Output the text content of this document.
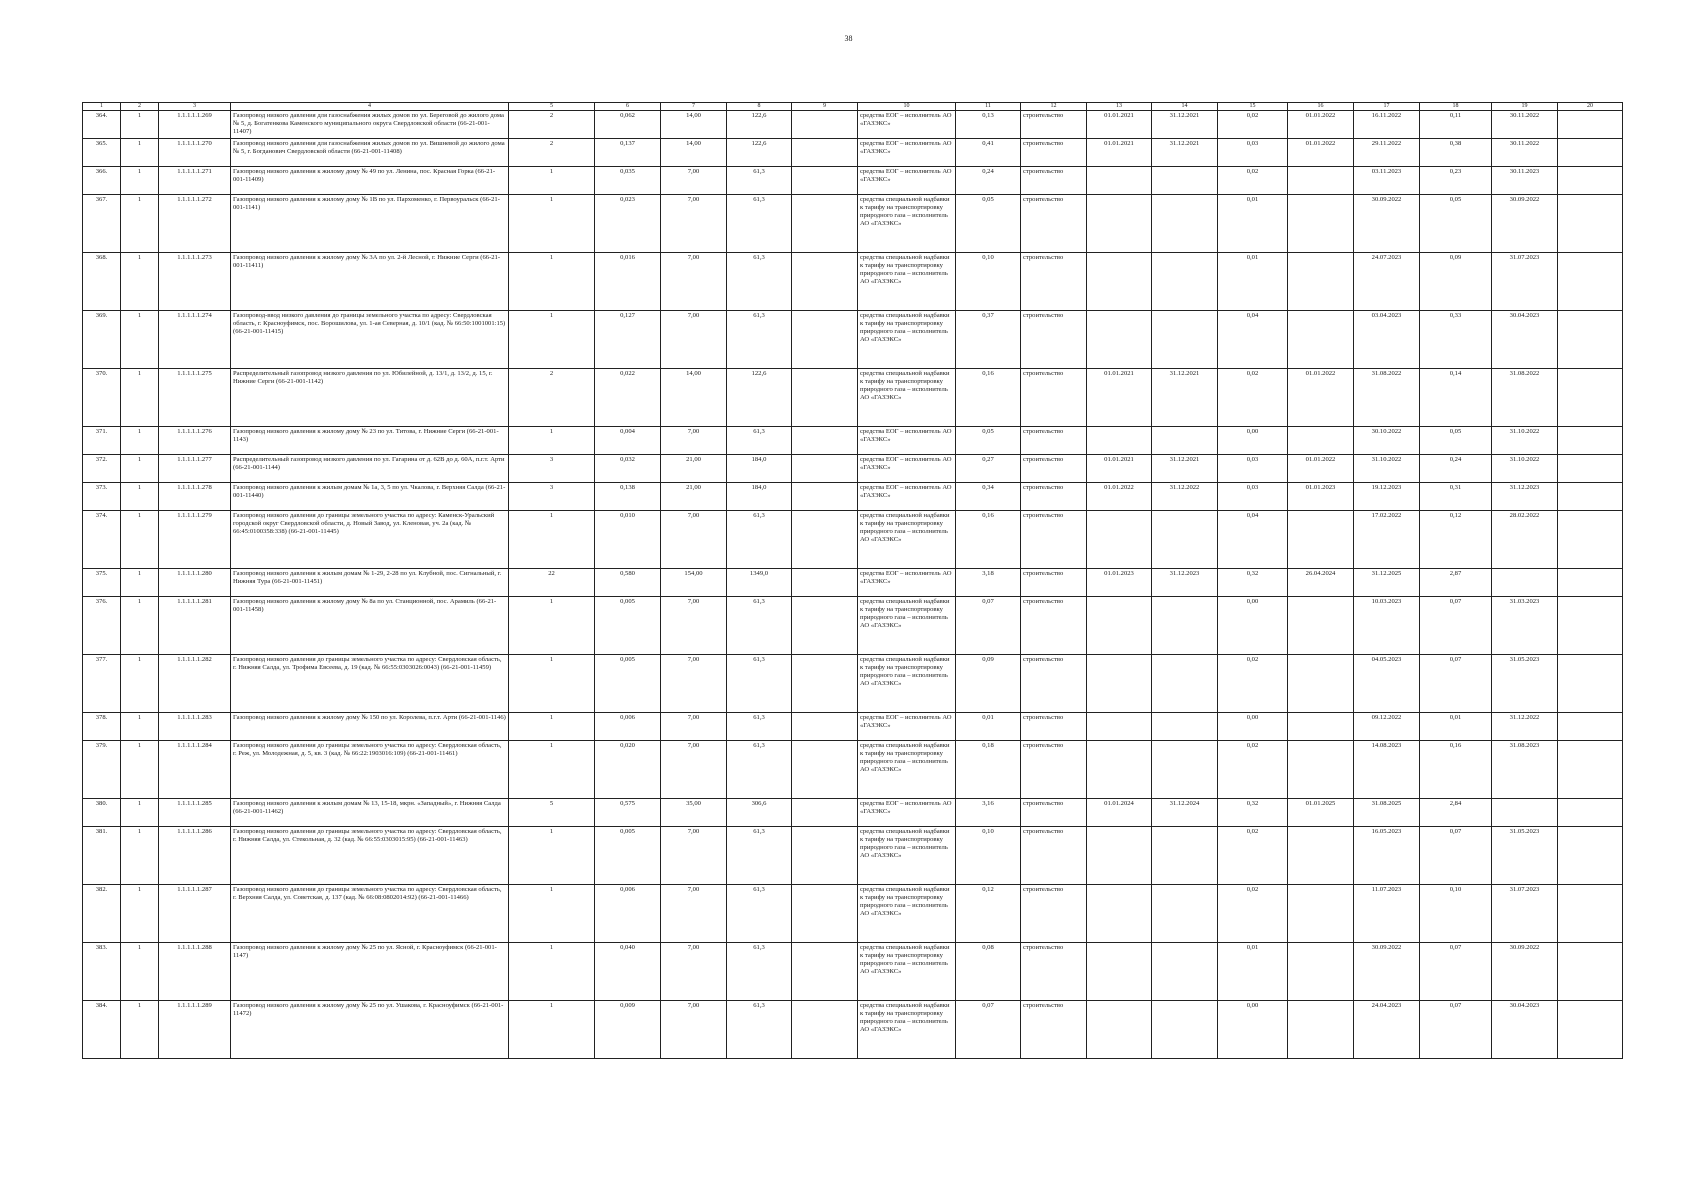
38
1	2	3	4	5	6	7	8	9	10	11	12	13	14	15	16	17	18	19	20
364.	1	1.1.1.1.1.269	Газопровод низкого давления для газоснабжения жилых домов по ул. Береговой до жилого дома № 5, д. Богатенкова Каменского муниципального округа Свердловской области (66-21-001-11407)	2	0,062	14,00	122,6		средства ЕОГ – исполнитель АО «ГАЗЭКС»	0,13	строительство	01.01.2021	31.12.2021	0,02	01.01.2022	16.11.2022	0,11	30.11.2022	
365.	1	1.1.1.1.1.270	Газопровод низкого давления для газоснабжения жилых домов по ул. Вишневой до жилого дома № 5, г. Богданович Свердловской области (66-21-001-11408)	2	0,137	14,00	122,6		средства ЕОГ – исполнитель АО «ГАЗЭКС»	0,41	строительство	01.01.2021	31.12.2021	0,03	01.01.2022	29.11.2022	0,38	30.11.2022	
366.	1	1.1.1.1.1.271	Газопровод низкого давления к жилому дому № 49 по ул. Ленина, пос. Красная Горка (66-21-001-11409)	1	0,035	7,00	61,3		средства ЕОГ – исполнитель АО «ГАЗЭКС»	0,24	строительство			0,02		03.11.2023	0,23	30.11.2023	
367.	1	1.1.1.1.1.272	Газопровод низкого давления к жилому дому № 1В по ул. Пархоменко, г. Первоуральск (66-21-001-1141)	1	0,023	7,00	61,3		средства специальной надбавки к тарифу на транспортировку природного газа – исполнитель АО «ГАЗЭКС»	0,05	строительство			0,01		30.09.2022	0,05	30.09.2022	
368.	1	1.1.1.1.1.273	Газопровод низкого давления к жилому дому № 3А по ул. 2-й Лесной, г. Нижние Серги (66-21-001-11411)	1	0,016	7,00	61,3		средства специальной надбавки к тарифу на транспортировку природного газа – исполнитель АО «ГАЗЭКС»	0,10	строительство			0,01		24.07.2023	0,09	31.07.2023	
369.	1	1.1.1.1.1.274	Газопровод-ввод низкого давления до границы земельного участка по адресу: Свердловская область, г. Красноуфимск, пос. Ворошилова, ул. 1-ая Северная, д. 10/1 (кад. № 66:50:1001001:15) (66-21-001-11415)	1	0,127	7,00	61,3		средства специальной надбавки к тарифу на транспортировку природного газа – исполнитель АО «ГАЗЭКС»	0,37	строительство			0,04		03.04.2023	0,33	30.04.2023	
370.	1	1.1.1.1.1.275	Распределительный газопровод низкого давления по ул. Юбилейной, д. 13/1, д. 13/2, д. 15, г. Нижние Серги (66-21-001-1142)	2	0,022	14,00	122,6		средства специальной надбавки к тарифу на транспортировку природного газа – исполнитель АО «ГАЗЭКС»	0,16	строительство	01.01.2021	31.12.2021	0,02	01.01.2022	31.08.2022	0,14	31.08.2022	
371.	1	1.1.1.1.1.276	Газопровод низкого давления к жилому дому № 23 по ул. Титова, г. Нижние Серги (66-21-001-1143)	1	0,004	7,00	61,3		средства ЕОГ – исполнитель АО «ГАЗЭКС»	0,05	строительство			0,00		30.10.2022	0,05	31.10.2022	
372.	1	1.1.1.1.1.277	Распределительный газопровод низкого давления по ул. Гагарина от д. 62В до д. 60А, п.г.т. Арти (66-21-001-1144)	3	0,032	21,00	184,0		средства ЕОГ – исполнитель АО «ГАЗЭКС»	0,27	строительство	01.01.2021	31.12.2021	0,03	01.01.2022	31.10.2022	0,24	31.10.2022	
373.	1	1.1.1.1.1.278	Газопровод низкого давления к жилым домам № 1а, 3, 5 по ул. Чкалова, г. Верхняя Салда (66-21-001-11440)	3	0,138	21,00	184,0		средства ЕОГ – исполнитель АО «ГАЗЭКС»	0,34	строительство	01.01.2022	31.12.2022	0,03	01.01.2023	19.12.2023	0,31	31.12.2023	
374.	1	1.1.1.1.1.279	Газопровод низкого давления до границы земельного участка по адресу: Каменск-Уральский городской округ Свердловской области, д. Новый Завод, ул. Кленовая, уч. 2а (кад. № 66:45:0100358:338) (66-21-001-11445)	1	0,010	7,00	61,3		средства специальной надбавки к тарифу на транспортировку природного газа – исполнитель АО «ГАЗЭКС»	0,16	строительство			0,04		17.02.2022	0,12	28.02.2022	
375.	1	1.1.1.1.1.280	Газопровод низкого давления к жилым домам № 1-29, 2-28 по ул. Клубной, пос. Сигнальный, г. Нижняя Тура (66-21-001-11451)	22	0,580	154,00	1349,0		средства ЕОГ – исполнитель АО «ГАЗЭКС»	3,18	строительство	01.01.2023	31.12.2023	0,32	26.04.2024	31.12.2025	2,87		
376.	1	1.1.1.1.1.281	Газопровод низкого давления к жилому дому № 8а по ул. Станционной, пос. Арамиль (66-21-001-11458)	1	0,005	7,00	61,3		средства специальной надбавки к тарифу на транспортировку природного газа – исполнитель АО «ГАЗЭКС»	0,07	строительство			0,00		10.03.2023	0,07	31.03.2023	
377.	1	1.1.1.1.1.282	Газопровод низкого давления до границы земельного участка по адресу: Свердловская область, г. Нижняя Салда, ул. Трофима Евсеева, д. 19 (кад. № 66:55:0303026:0043) (66-21-001-11459)	1	0,005	7,00	61,3		средства специальной надбавки к тарифу на транспортировку природного газа – исполнитель АО «ГАЗЭКС»	0,09	строительство			0,02		04.05.2023	0,07	31.05.2023	
378.	1	1.1.1.1.1.283	Газопровод низкого давления к жилому дому № 150 по ул. Королева, п.г.т. Арти (66-21-001-1146)	1	0,006	7,00	61,3		средства ЕОГ – исполнитель АО «ГАЗЭКС»	0,01	строительство			0,00		09.12.2022	0,01	31.12.2022	
379.	1	1.1.1.1.1.284	Газопровод низкого давления до границы земельного участка по адресу: Свердловская область, г. Реж, ул. Молодежная, д. 5, кв. 3 (кад. № 66:22:1903016:109) (66-21-001-11461)	1	0,020	7,00	61,3		средства специальной надбавки к тарифу на транспортировку природного газа – исполнитель АО «ГАЗЭКС»	0,18	строительство			0,02		14.08.2023	0,16	31.08.2023	
380.	1	1.1.1.1.1.285	Газопровод низкого давления к жилым домам № 13, 15-18, мкрн. «Западный», г. Нижняя Салда (66-21-001-11462)	5	0,575	35,00	306,6		средства ЕОГ – исполнитель АО «ГАЗЭКС»	3,16	строительство	01.01.2024	31.12.2024	0,32	01.01.2025	31.08.2025	2,84		
381.	1	1.1.1.1.1.286	Газопровод низкого давления до границы земельного участка по адресу: Свердловская область, г. Нижняя Салда, ул. Стекольная, д. 32 (кад. № 66:55:0303015:95) (66-21-001-11463)	1	0,005	7,00	61,3		средства специальной надбавки к тарифу на транспортировку природного газа – исполнитель АО «ГАЗЭКС»	0,10	строительство			0,02		16.05.2023	0,07	31.05.2023	
382.	1	1.1.1.1.1.287	Газопровод низкого давления до границы земельного участка по адресу: Свердловская область, г. Верхняя Салда, ул. Советская, д. 137 (кад. № 66:08:0802014:92) (66-21-001-11466)	1	0,006	7,00	61,3		средства специальной надбавки к тарифу на транспортировку природного газа – исполнитель АО «ГАЗЭКС»	0,12	строительство			0,02		11.07.2023	0,10	31.07.2023	
383.	1	1.1.1.1.1.288	Газопровод низкого давления к жилому дому № 25 по ул. Ясной, г. Красноуфимск (66-21-001-1147)	1	0,040	7,00	61,3		средства специальной надбавки к тарифу на транспортировку природного газа – исполнитель АО «ГАЗЭКС»	0,08	строительство			0,01		30.09.2022	0,07	30.09.2022	
384.	1	1.1.1.1.1.289	Газопровод низкого давления к жилому дому № 25 по ул. Ушакова, г. Красноуфимск (66-21-001-11472)	1	0,009	7,00	61,3		средства специальной надбавки к тарифу на транспортировку природного газа – исполнитель АО «ГАЗЭКС»	0,07	строительство			0,00		24.04.2023	0,07	30.04.2023	
